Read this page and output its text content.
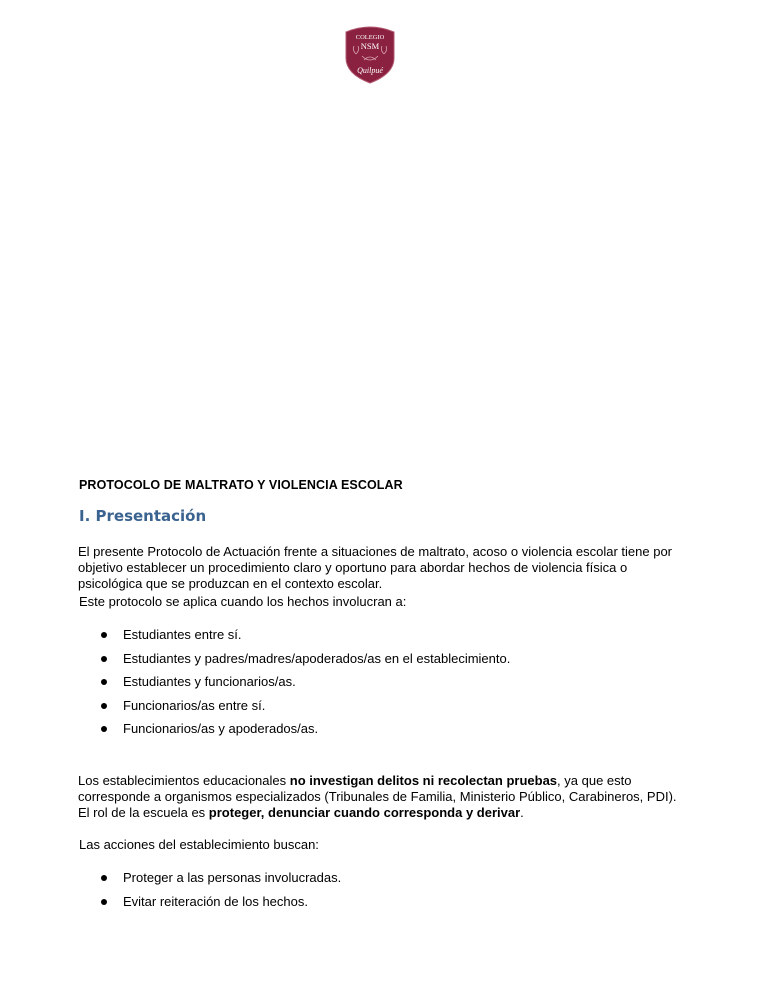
COLEGIO
NSM
Quilpué
PROTOCOLO DE MALTRATO Y VIOLENCIA ESCOLAR
I. Presentación

El presente Protocolo de Actuación frente a situaciones de maltrato, acoso o violencia escolar tiene por objetivo establecer un procedimiento claro y oportuno para abordar hechos de violencia física o psicológica que se produzcan en el contexto escolar.

Este protocolo se aplica cuando los hechos involucran a:

Estudiantes entre sí.
Estudiantes y padres/madres/apoderados/as en el establecimiento.
Estudiantes y funcionarios/as.
Funcionarios/as entre sí.
Funcionarios/as y apoderados/as.

Los establecimientos educacionales no investigan delitos ni recolectan pruebas, ya que esto corresponde a organismos especializados (Tribunales de Familia, Ministerio Público, Carabineros, PDI). El rol de la escuela es proteger, denunciar cuando corresponda y derivar.

Las acciones del establecimiento buscan:

Proteger a las personas involucradas.
Evitar reiteración de los hechos.
